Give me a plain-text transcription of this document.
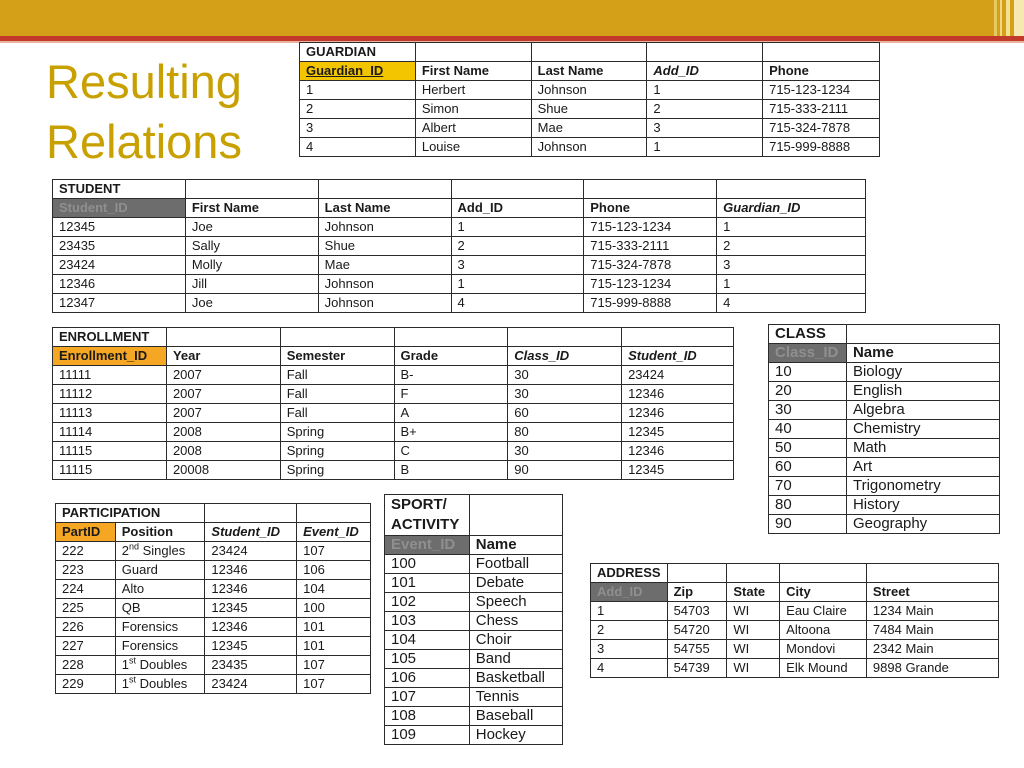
Resulting
Relations
GUARDIAN				
Guardian_ID	First Name	Last Name	Add_ID	Phone
1	Herbert	Johnson	1	715-123-1234
2	Simon	Shue	2	715-333-2111
3	Albert	Mae	3	715-324-7878
4	Louise	Johnson	1	715-999-8888
STUDENT					
Student_ID	First Name	Last Name	Add_ID	Phone	Guardian_ID
12345	Joe	Johnson	1	715-123-1234	1
23435	Sally	Shue	2	715-333-2111	2
23424	Molly	Mae	3	715-324-7878	3
12346	Jill	Johnson	1	715-123-1234	1
12347	Joe	Johnson	4	715-999-8888	4
ENROLLMENT					
Enrollment_ID	Year	Semester	Grade	Class_ID	Student_ID
11111	2007	Fall	B-	30	23424
11112	2007	Fall	F	30	12346
11113	2007	Fall	A	60	12346
11114	2008	Spring	B+	80	12345
11115	2008	Spring	C	30	12346
11115	20008	Spring	B	90	12345
CLASS	
Class_ID	Name
10	Biology
20	English
30	Algebra
40	Chemistry
50	Math
60	Art
70	Trigonometry
80	History
90	Geography
PARTICIPATION			
PartID	Position	Student_ID	Event_ID
222	2nd Singles	23424	107
223	Guard	12346	106
224	Alto	12346	104
225	QB	12345	100
226	Forensics	12346	101
227	Forensics	12345	101
228	1st Doubles	23435	107
229	1st Doubles	23424	107
SPORT/
ACTIVITY	
Event_ID	Name
100	Football
101	Debate
102	Speech
103	Chess
104	Choir
105	Band
106	Basketball
107	Tennis
108	Baseball
109	Hockey
ADDRESS				
Add_ID	Zip	State	City	Street
1	54703	WI	Eau Claire	1234 Main
2	54720	WI	Altoona	7484 Main
3	54755	WI	Mondovi	2342 Main
4	54739	WI	Elk Mound	9898 Grande
